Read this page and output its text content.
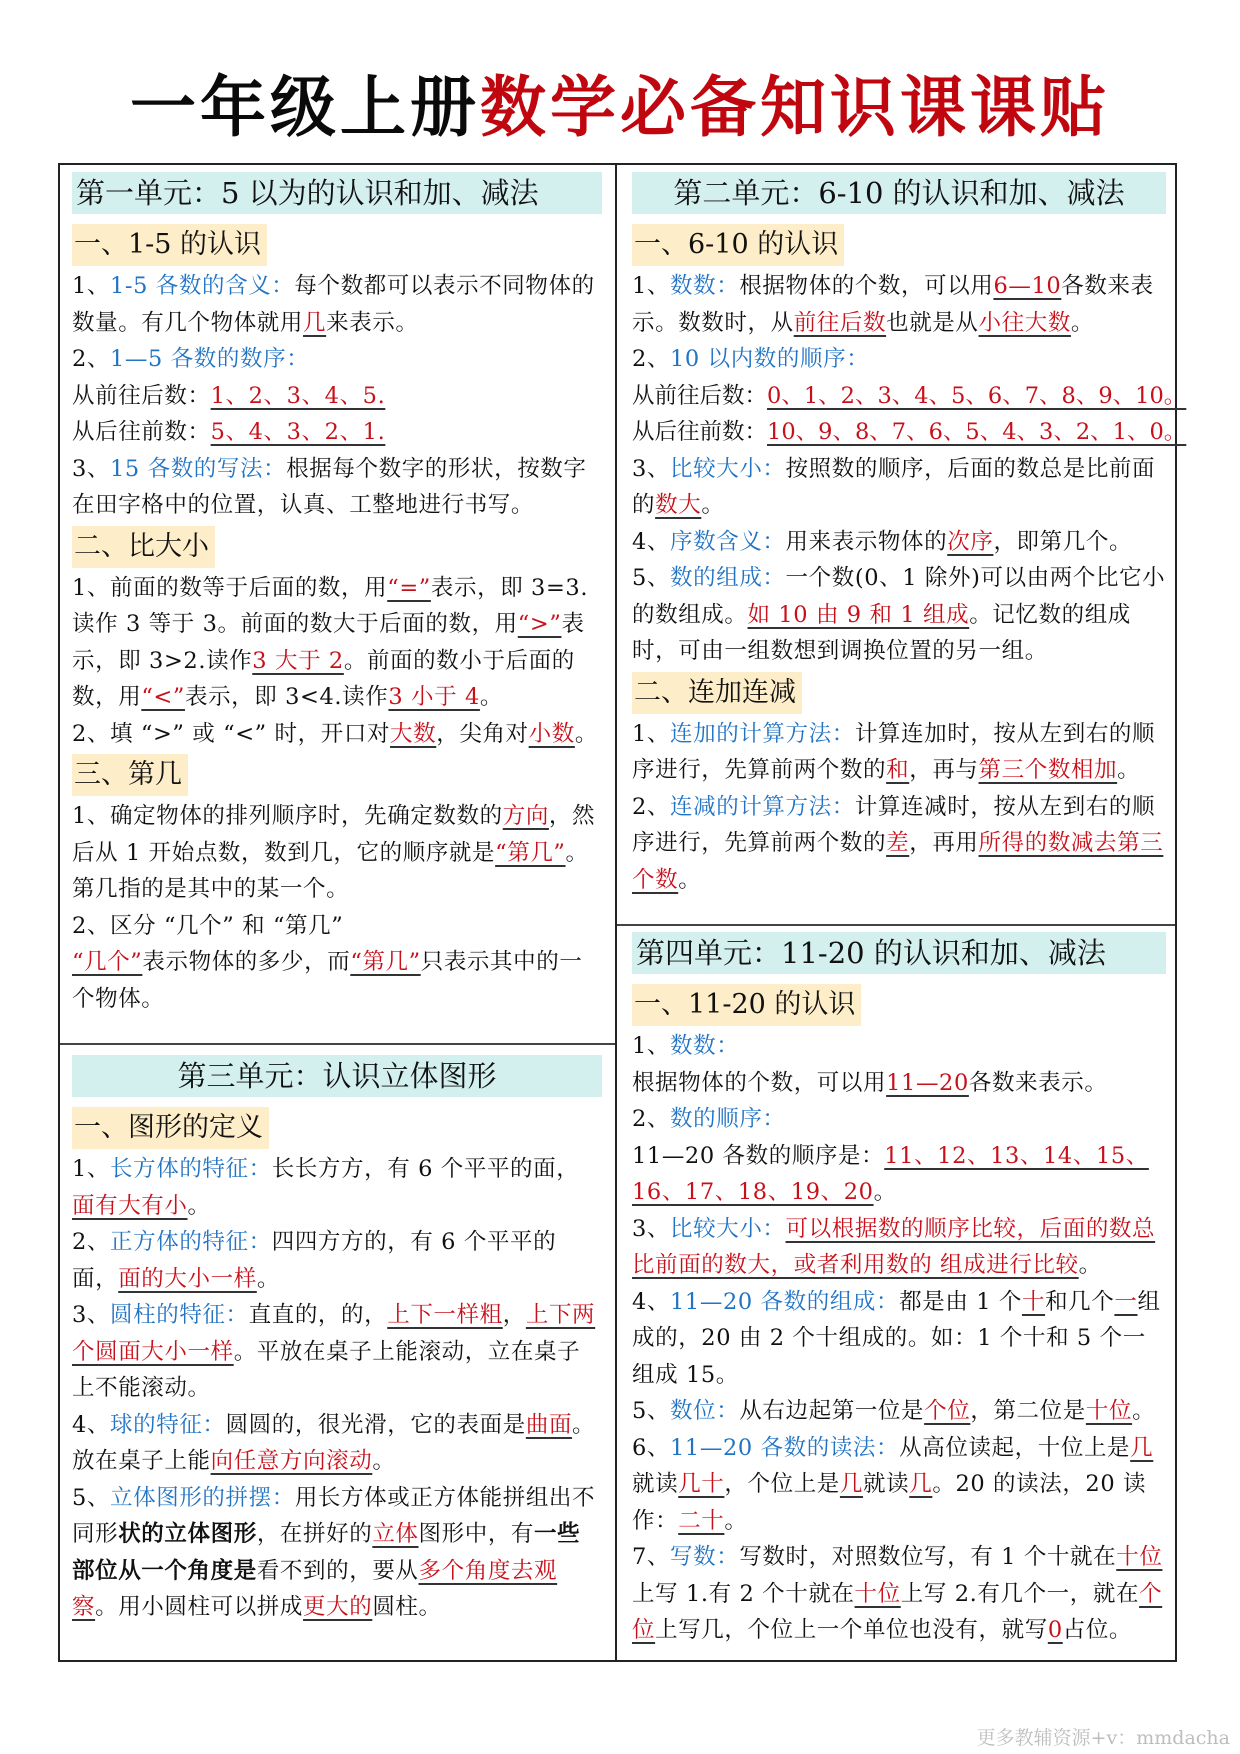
一年级上册数学必备知识课课贴
第一单元：5 以为的认识和加、减法
一、1-5 的认识

1、1-5 各数的含义：每个数都可以表示不同物体的数量。有几个物体就用几来表示。

2、1—5 各数的数序：

从前往后数：1、2、3、4、5.

从后往前数：5、4、3、2、1.

3、15 各数的写法：根据每个数字的形状，按数字在田字格中的位置，认真、工整地进行书写。

二、比大小

1、前面的数等于后面的数，用“=”表示，即 3=3.读作 3 等于 3。前面的数大于后面的数，用“>”表示，即 3>2.读作3 大于 2。前面的数小于后面的数，用“<”表示，即 3<4.读作3 小于 4。

2、填 “>” 或 “<” 时，开口对大数，尖角对小数。

三、第几

1、确定物体的排列顺序时，先确定数数的方向，然后从 1 开始点数，数到几，它的顺序就是“第几”。第几指的是其中的某一个。

2、区分 “几个” 和 “第几”

“几个”表示物体的多少，而“第几”只表示其中的一个物体。

第二单元：6-10 的认识和加、减法
一、6-10 的认识

1、数数：根据物体的个数，可以用6—10各数来表示。数数时，从前往后数也就是从小往大数。

2、10 以内数的顺序：

从前往后数：0、1、2、3、4、5、6、7、8、9、10。

从后往前数：10、9、8、7、6、5、4、3、2、1、0。

3、比较大小：按照数的顺序，后面的数总是比前面的数大。

4、序数含义：用来表示物体的次序，即第几个。

5、数的组成：一个数(0、1 除外)可以由两个比它小的数组成。如 10 由 9 和 1 组成。记忆数的组成时，可由一组数想到调换位置的另一组。

二、连加连减

1、连加的计算方法：计算连加时，按从左到右的顺序进行，先算前两个数的和，再与第三个数相加。

2、连减的计算方法：计算连减时，按从左到右的顺序进行，先算前两个数的差，再用所得的数减去第三个数。

第三单元：认识立体图形
一、图形的定义

1、长方体的特征：长长方方，有 6 个平平的面，面有大有小。

2、正方体的特征：四四方方的，有 6 个平平的面，面的大小一样。

3、圆柱的特征：直直的，的，上下一样粗，上下两个圆面大小一样。平放在桌子上能滚动，立在桌子上不能滚动。

4、球的特征：圆圆的，很光滑，它的表面是曲面。放在桌子上能向任意方向滚动。

5、立体图形的拼摆：用长方体或正方体能拼组出不同形状的立体图形，在拼好的立体图形中，有一些部位从一个角度是看不到的，要从多个角度去观察。用小圆柱可以拼成更大的圆柱。

第四单元：11-20 的认识和加、减法
一、11-20 的认识

1、数数：

根据物体的个数，可以用11—20各数来表示。

2、数的顺序：

11—20 各数的顺序是：11、12、13、14、15、16、17、18、19、20。

3、比较大小：可以根据数的顺序比较，后面的数总比前面的数大，或者利用数的 组成进行比较。

4、11—20 各数的组成：都是由 1 个十和几个一组成的，20 由 2 个十组成的。如：1 个十和 5 个一组成 15。

5、数位：从右边起第一位是个位，第二位是十位。

6、11—20 各数的读法：从高位读起，十位上是几就读几十，个位上是几就读几。20 的读法，20 读作：二十。

7、写数：写数时，对照数位写，有 1 个十就在十位上写 1.有 2 个十就在十位上写 2.有几个一，就在个位上写几，个位上一个单位也没有，就写0占位。

更多教辅资源+v：mmdacha
